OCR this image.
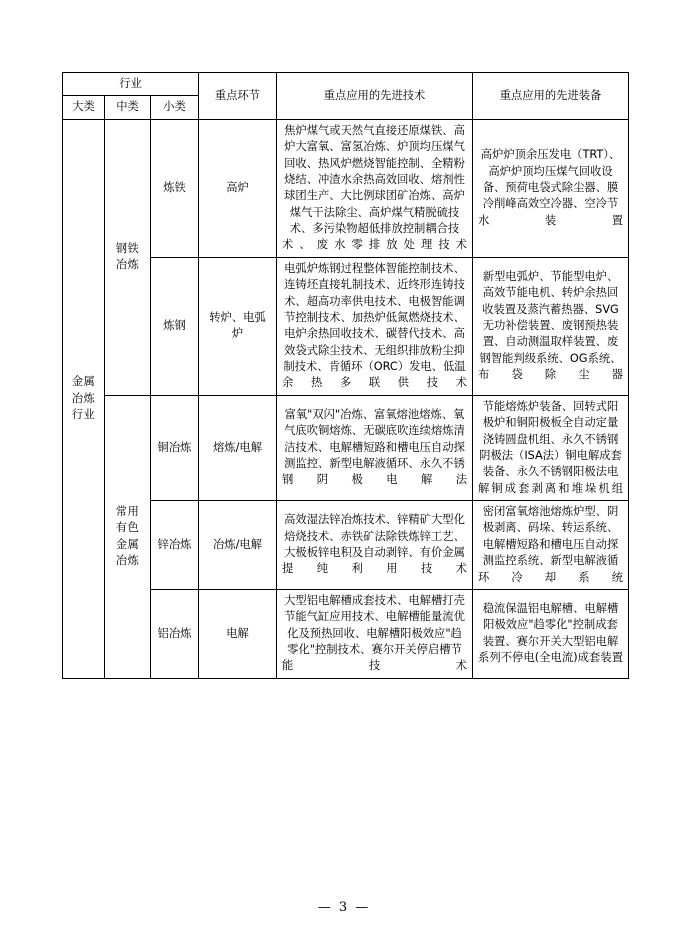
行业			重点环节	重点应用的先进技术	重点应用的先进装备
大类	中类	小类			
金属冶炼行业	钢铁冶炼	炼铁	高炉	焦炉煤气或天然气直接还原煤铁、高炉大富氧、富氢冶炼、炉顶均压煤气回收、热风炉燃烧智能控制、全精粉烧结、冲渣水余热高效回收、熔剂性球团生产、大比例球团矿冶炼、高炉煤气干法除尘、高炉煤气精脱硫技术、多污染物超低排放控制耦合技术、废水零排放处理技术	高炉炉顶余压发电（TRT）、高炉炉顶均压煤气回收设备、预荷电袋式除尘器、膜冷削峰高效空冷器、空冷节水装置
		炼钢	转炉、电弧炉	电弧炉炼钢过程整体智能控制技术、连铸坯直接轧制技术、近终形连铸技术、超高功率供电技术、电极智能调节控制技术、加热炉低氮燃烧技术、电炉余热回收技术、碳替代技术、高效袋式除尘技术、无组织排放粉尘抑制技术、肯循环（ORC）发电、低温余热多联供技术	新型电弧炉、节能型电炉、高效节能电机、转炉余热回收装置及蒸汽蓄热器、SVG无功补偿装置、废钢预热装置、自动测温取样装置、废钢智能判级系统、OG系统、布袋除尘器
	常用有色金属冶炼	铜冶炼	熔炼/电解	富氧"双闪"冶炼、富氧熔池熔炼、氧气底吹铜熔炼、无碳底吹连续熔炼清洁技术、电解槽短路和槽电压自动探测监控、新型电解液循环、永久不锈钢阴极电解法	节能熔炼炉装备、回转式阳极炉和铜阳极板全自动定量浇铸圆盘机组、永久不锈钢阴极法（ISA法）铜电解成套装备、永久不锈钢阳极法电解铜成套剥离和堆垛机组
		锌冶炼	冶炼/电解	高效湿法锌冶炼技术、锌精矿大型化焙烧技术、赤铁矿法除铁炼锌工艺、大极板锌电积及自动剥锌、有价金属提纯利用技术	密闭富氧熔池熔炼炉型、阴极剥离、码垛、转运系统、电解槽短路和槽电压自动探测监控系统、新型电解液循环冷却系统
		铝冶炼	电解	大型铝电解槽成套技术、电解槽打壳节能气缸应用技术、电解槽能量流优化及预热回收、电解槽阳极效应"趋零化"控制技术、赛尔开关停启槽节能技术	稳流保温铝电解槽、电解槽阳极效应"趋零化"控制成套装置、赛尔开关大型铝电解系列不停电(全电流)成套装置
— 3 —
